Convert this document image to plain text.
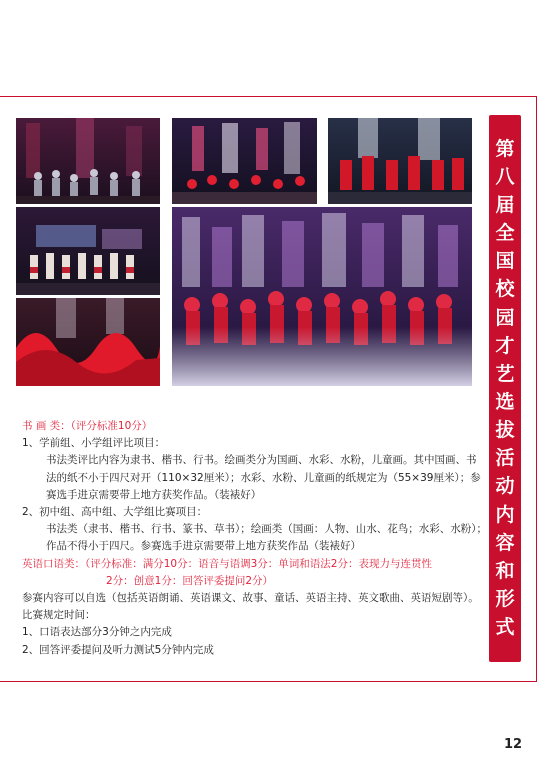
第
八
届
全
国
校
园
才
艺
选
拔
活
动
内
容
和
形
式

书 画 类：（评分标准10分）

1、学前组、小学组评比项目：

书法类评比内容为隶书、楷书、行书。绘画类分为国画、水彩、水粉，儿童画。其中国画、书

法的纸不小于四尺对开（110×32厘米）；水彩、水粉、儿童画的纸规定为（55×39厘米）；参

赛选手进京需要带上地方获奖作品。（装裱好）

2、初中组、高中组、大学组比赛项目：

书法类（隶书、楷书、行书、篆书、草书）；绘画类（国画：人物、山水、花鸟；水彩、水粉）；

作品不得小于四尺。参赛选手进京需要带上地方获奖作品（装裱好）

英语口语类：（评分标准：满分10分：语音与语调3分：单词和语法2分：表现力与连贯性

2分：创意1分：回答评委提问2分）

参赛内容可以自选（包括英语朗诵、英语课文、故事、童话、英语主持、英文歌曲、英语短剧等）。

比赛规定时间：

1、口语表达部分3分钟之内完成

2、回答评委提问及听力测试5分钟内完成

12
